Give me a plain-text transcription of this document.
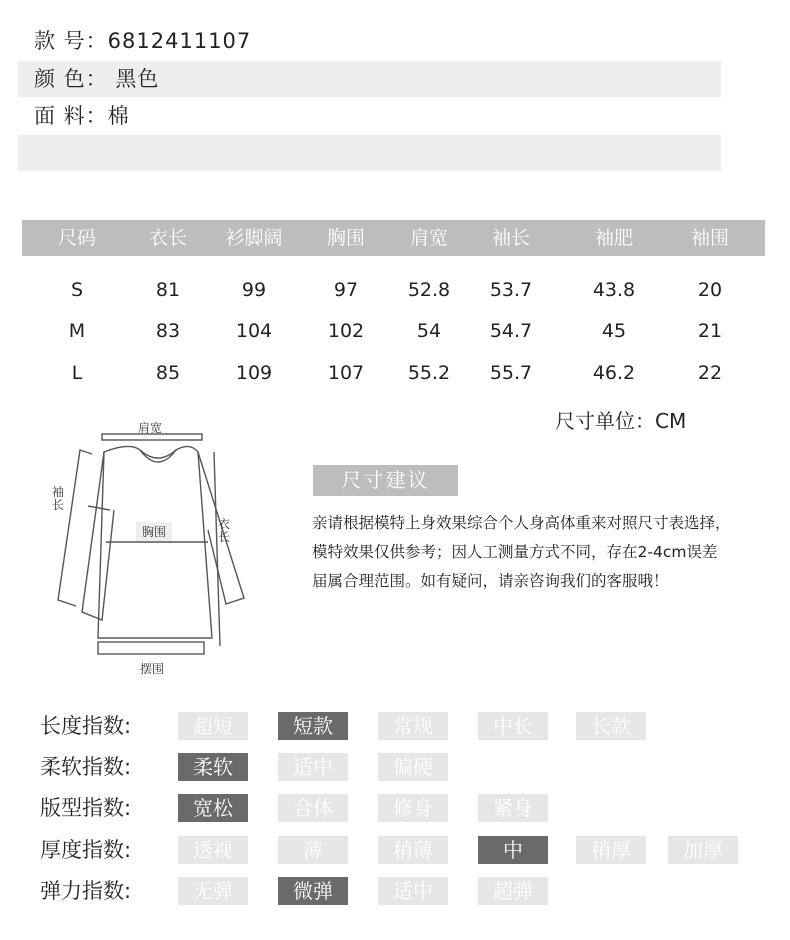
款 号：6812411107
颜 色： 黑色
面 料：棉
尺码	衣长 衫脚阔 胸围 肩宽 袖长	袖肥	袖围
S	81	99	97	52.8 53.7	43.8	20
M	83	104	102	54	54.7	45	21
L	85	109	107 55.2 55.7	46.2	22
尺寸单位：CM
肩宽
袖
长
胸围
衣
长
摆围
尺寸建议
亲请根据模特上身效果综合个人身高体重来对照尺寸表选择，模特效果仅供参考；因人工测量方式不同，存在2-4cm误差届属合理范围。如有疑问，请亲咨询我们的客服哦！
长度指数:	超短	短款	常规	中长	长款
柔软指数:	柔软	适中	偏硬
版型指数:	宽松	合体	修身	紧身
厚度指数:	透视	薄	稍薄	中	稍厚	加厚
弹力指数:	无弹	微弹	适中	超弹
